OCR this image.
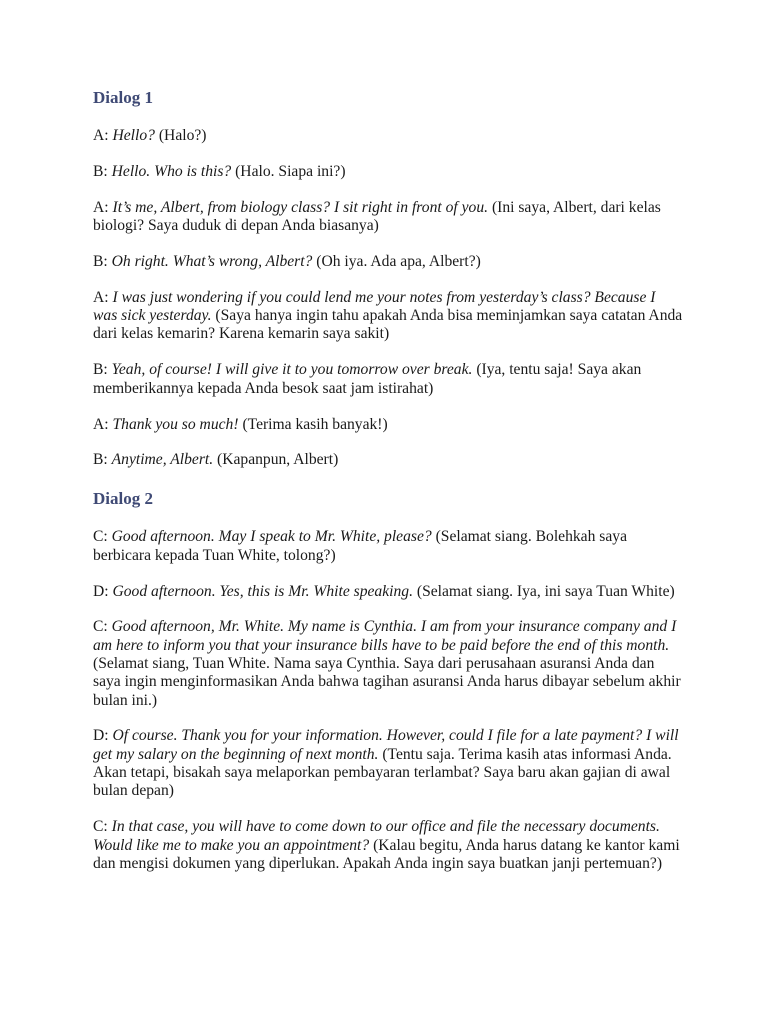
Dialog 1

A: Hello? (Halo?)

B: Hello. Who is this? (Halo. Siapa ini?)

A: It’s me, Albert, from biology class? I sit right in front of you. (Ini saya, Albert, dari kelas biologi? Saya duduk di depan Anda biasanya)

B: Oh right. What’s wrong, Albert? (Oh iya. Ada apa, Albert?)

A: I was just wondering if you could lend me your notes from yesterday’s class? Because I was sick yesterday. (Saya hanya ingin tahu apakah Anda bisa meminjamkan saya catatan Anda dari kelas kemarin? Karena kemarin saya sakit)

B: Yeah, of course! I will give it to you tomorrow over break. (Iya, tentu saja! Saya akan memberikannya kepada Anda besok saat jam istirahat)

A: Thank you so much! (Terima kasih banyak!)

B: Anytime, Albert. (Kapanpun, Albert)

Dialog 2

C: Good afternoon. May I speak to Mr. White, please? (Selamat siang. Bolehkah saya berbicara kepada Tuan White, tolong?)

D: Good afternoon. Yes, this is Mr. White speaking. (Selamat siang. Iya, ini saya Tuan White)

C: Good afternoon, Mr. White. My name is Cynthia. I am from your insurance company and I am here to inform you that your insurance bills have to be paid before the end of this month. (Selamat siang, Tuan White. Nama saya Cynthia. Saya dari perusahaan asuransi Anda dan saya ingin menginformasikan Anda bahwa tagihan asuransi Anda harus dibayar sebelum akhir bulan ini.)

D: Of course. Thank you for your information. However, could I file for a late payment? I will get my salary on the beginning of next month. (Tentu saja. Terima kasih atas informasi Anda. Akan tetapi, bisakah saya melaporkan pembayaran terlambat? Saya baru akan gajian di awal bulan depan)

C: In that case, you will have to come down to our office and file the necessary documents. Would like me to make you an appointment? (Kalau begitu, Anda harus datang ke kantor kami dan mengisi dokumen yang diperlukan. Apakah Anda ingin saya buatkan janji pertemuan?)
